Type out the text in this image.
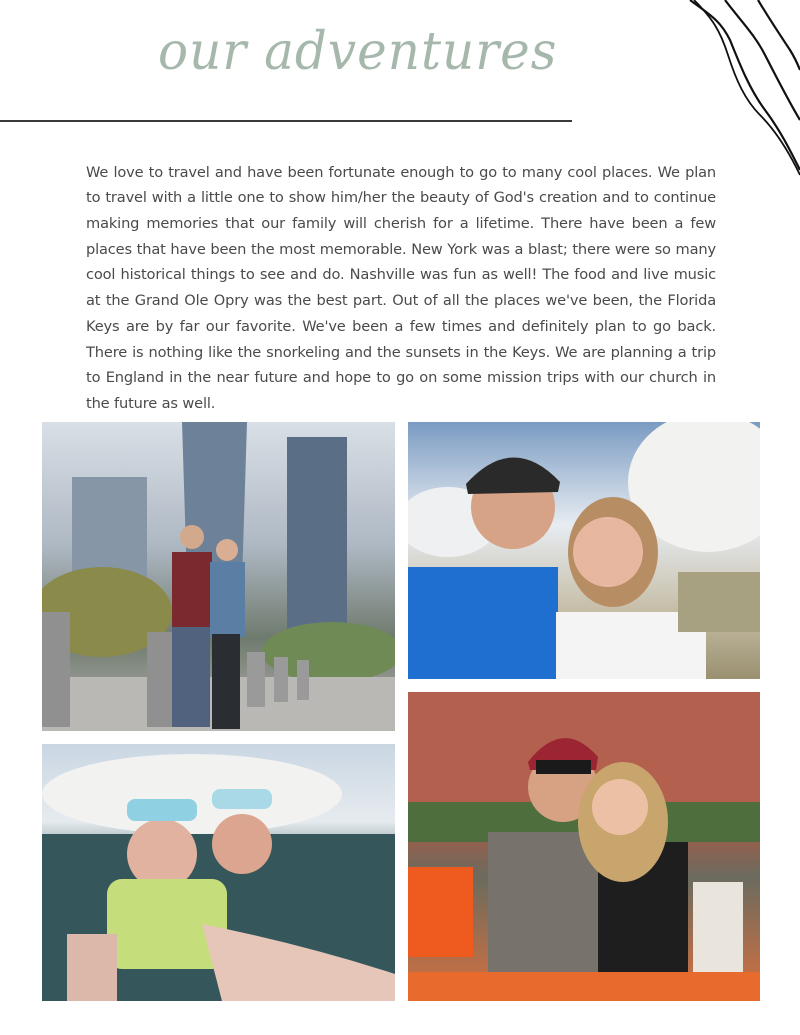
our adventures

We love to travel and have been fortunate enough to go to many cool places. We plan to travel with a little one to show him/her the beauty of God's creation and to continue making memories that our family will cherish for a lifetime. There have been a few places that have been the most memorable. New York was a blast; there were so many cool historical things to see and do. Nashville was fun as well! The food and live music at the Grand Ole Opry was the best part. Out of all the places we've been, the Florida Keys are by far our favorite. We've been a few times and definitely plan to go back. There is nothing like the snorkeling and the sunsets in the Keys. We are planning a trip to England in the near future and hope to go on some mission trips with our church in the future as well.
